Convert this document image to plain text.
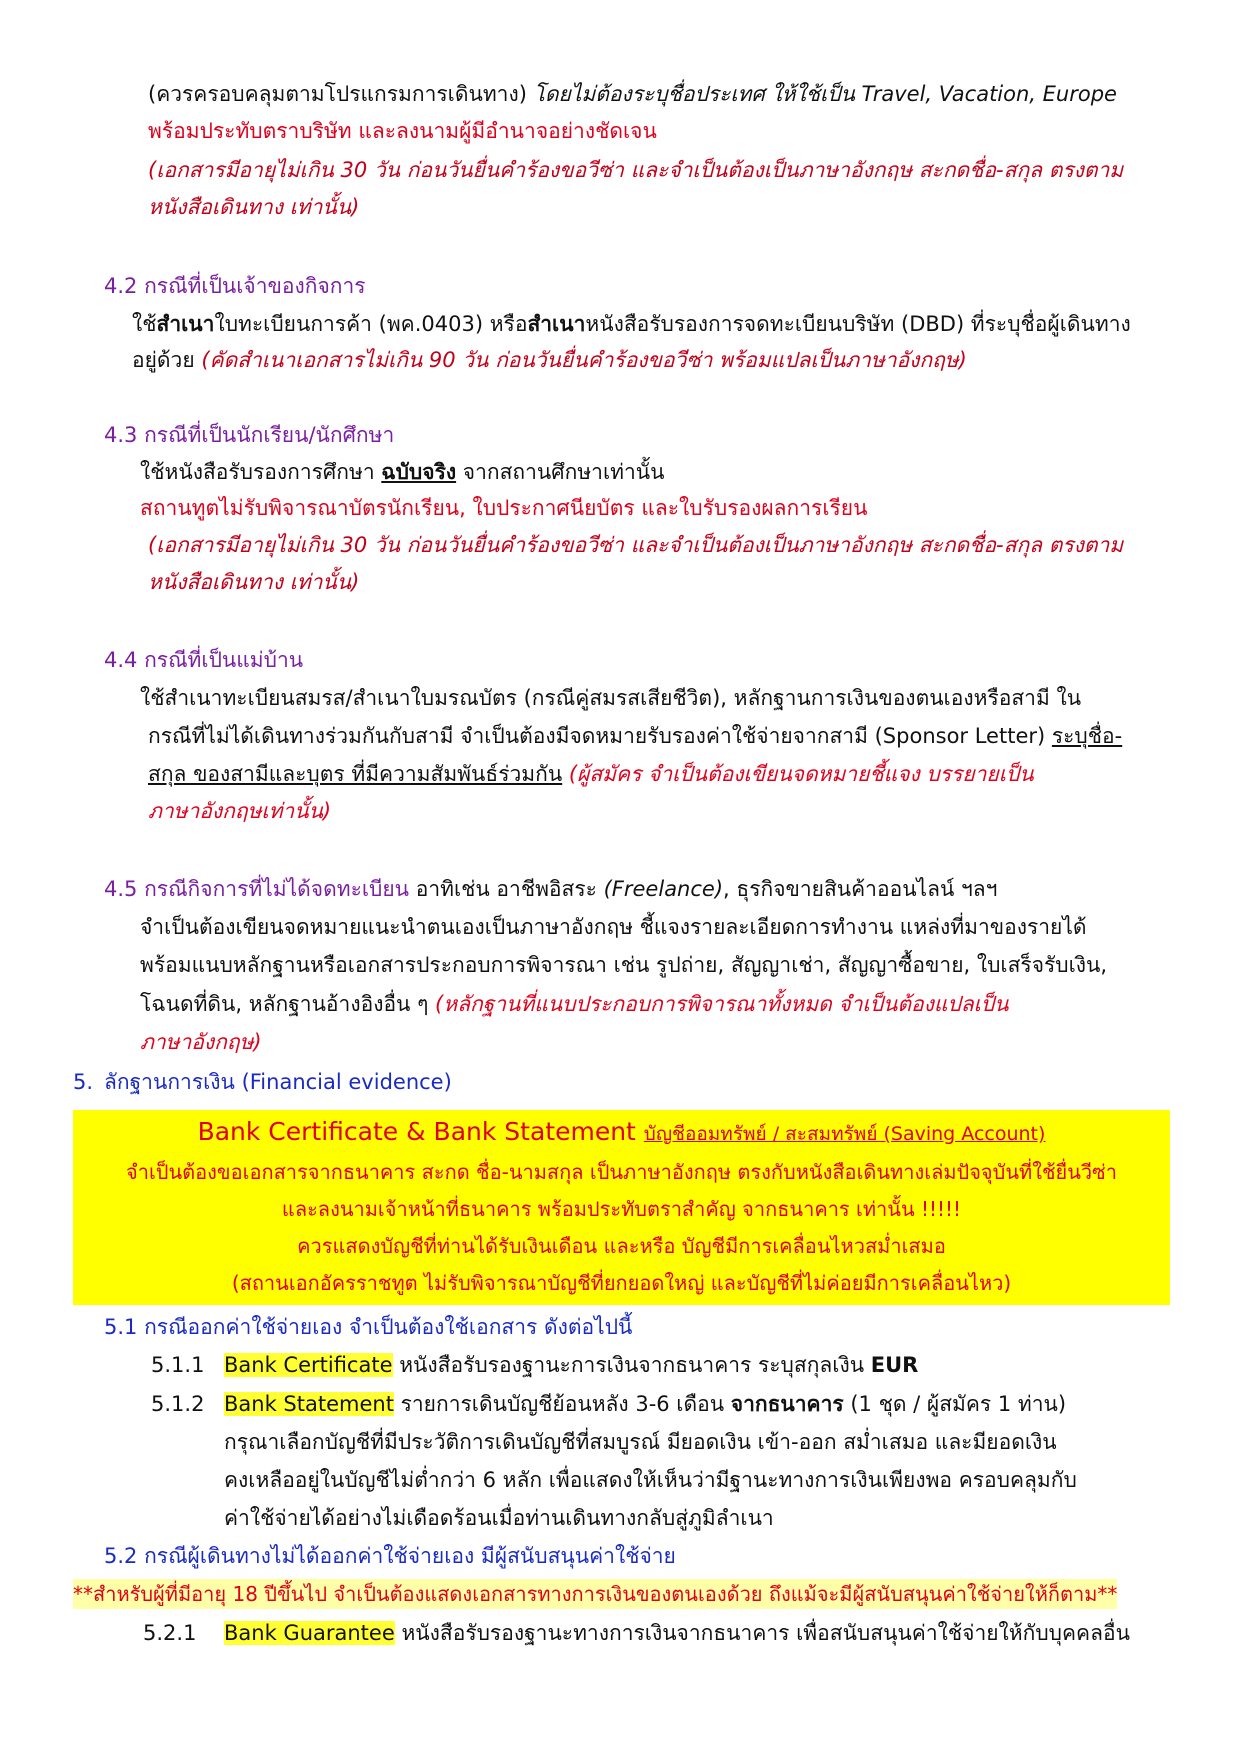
(ควรครอบคลุมตามโปรแกรมการเดินทาง) โดยไม่ต้องระบุชื่อประเทศ ให้ใช้เป็น Travel, Vacation, Europe
พร้อมประทับตราบริษัท และลงนามผู้มีอำนาจอย่างชัดเจน
(เอกสารมีอายุไม่เกิน 30 วัน ก่อนวันยื่นคำร้องขอวีซ่า และจำเป็นต้องเป็นภาษาอังกฤษ สะกดชื่อ-สกุล ตรงตาม
หนังสือเดินทาง เท่านั้น)
4.2 กรณีที่เป็นเจ้าของกิจการ
ใช้สำเนาใบทะเบียนการค้า (พค.0403) หรือสำเนาหนังสือรับรองการจดทะเบียนบริษัท (DBD) ที่ระบุชื่อผู้เดินทาง
อยู่ด้วย (คัดสำเนาเอกสารไม่เกิน 90 วัน ก่อนวันยื่นคำร้องขอวีซ่า พร้อมแปลเป็นภาษาอังกฤษ)
4.3 กรณีที่เป็นนักเรียน/นักศึกษา
ใช้หนังสือรับรองการศึกษา ฉบับจริง จากสถานศึกษาเท่านั้น
สถานทูตไม่รับพิจารณาบัตรนักเรียน, ใบประกาศนียบัตร และใบรับรองผลการเรียน
(เอกสารมีอายุไม่เกิน 30 วัน ก่อนวันยื่นคำร้องขอวีซ่า และจำเป็นต้องเป็นภาษาอังกฤษ สะกดชื่อ-สกุล ตรงตาม
หนังสือเดินทาง เท่านั้น)
4.4 กรณีที่เป็นแม่บ้าน
ใช้สำเนาทะเบียนสมรส/สำเนาใบมรณบัตร (กรณีคู่สมรสเสียชีวิต), หลักฐานการเงินของตนเองหรือสามี ใน
กรณีที่ไม่ได้เดินทางร่วมกันกับสามี จำเป็นต้องมีจดหมายรับรองค่าใช้จ่ายจากสามี (Sponsor Letter) ระบุชื่อ-
สกุล ของสามีและบุตร ที่มีความสัมพันธ์ร่วมกัน (ผู้สมัคร จำเป็นต้องเขียนจดหมายชี้แจง บรรยายเป็น
ภาษาอังกฤษเท่านั้น)
4.5 กรณีกิจการที่ไม่ได้จดทะเบียน อาทิเช่น อาชีพอิสระ (Freelance), ธุรกิจขายสินค้าออนไลน์ ฯลฯ
จำเป็นต้องเขียนจดหมายแนะนำตนเองเป็นภาษาอังกฤษ ชี้แจงรายละเอียดการทำงาน แหล่งที่มาของรายได้
พร้อมแนบหลักฐานหรือเอกสารประกอบการพิจารณา เช่น รูปถ่าย, สัญญาเช่า, สัญญาซื้อขาย, ใบเสร็จรับเงิน,
โฉนดที่ดิน, หลักฐานอ้างอิงอื่น ๆ (หลักฐานที่แนบประกอบการพิจารณาทั้งหมด จำเป็นต้องแปลเป็น
ภาษาอังกฤษ)
5. ลักฐานการเงิน (Financial evidence)
Bank Certificate & Bank Statement บัญชีออมทรัพย์ / สะสมทรัพย์ (Saving Account)
จำเป็นต้องขอเอกสารจากธนาคาร สะกด ชื่อ-นามสกุล เป็นภาษาอังกฤษ ตรงกับหนังสือเดินทางเล่มปัจจุบันที่ใช้ยื่นวีซ่า
และลงนามเจ้าหน้าที่ธนาคาร พร้อมประทับตราสำคัญ จากธนาคาร เท่านั้น !!!!!
ควรแสดงบัญชีที่ท่านได้รับเงินเดือน และหรือ บัญชีมีการเคลื่อนไหวสม่ำเสมอ
(สถานเอกอัครราชทูต ไม่รับพิจารณาบัญชีที่ยกยอดใหญ่ และบัญชีที่ไม่ค่อยมีการเคลื่อนไหว)
5.1 กรณีออกค่าใช้จ่ายเอง จำเป็นต้องใช้เอกสาร ดังต่อไปนี้
5.1.1 Bank Certificate หนังสือรับรองฐานะการเงินจากธนาคาร ระบุสกุลเงิน EUR
5.1.2 Bank Statement รายการเดินบัญชีย้อนหลัง 3-6 เดือน จากธนาคาร (1 ชุด / ผู้สมัคร 1 ท่าน)
กรุณาเลือกบัญชีที่มีประวัติการเดินบัญชีที่สมบูรณ์ มียอดเงิน เข้า-ออก สม่ำเสมอ และมียอดเงิน
คงเหลืออยู่ในบัญชีไม่ต่ำกว่า 6 หลัก เพื่อแสดงให้เห็นว่ามีฐานะทางการเงินเพียงพอ ครอบคลุมกับ
ค่าใช้จ่ายได้อย่างไม่เดือดร้อนเมื่อท่านเดินทางกลับสู่ภูมิลำเนา
5.2 กรณีผู้เดินทางไม่ได้ออกค่าใช้จ่ายเอง มีผู้สนับสนุนค่าใช้จ่าย
**สำหรับผู้ที่มีอายุ 18 ปีขึ้นไป จำเป็นต้องแสดงเอกสารทางการเงินของตนเองด้วย ถึงแม้จะมีผู้สนับสนุนค่าใช้จ่ายให้ก็ตาม**
5.2.1 Bank Guarantee หนังสือรับรองฐานะทางการเงินจากธนาคาร เพื่อสนับสนุนค่าใช้จ่ายให้กับบุคคลอื่น
